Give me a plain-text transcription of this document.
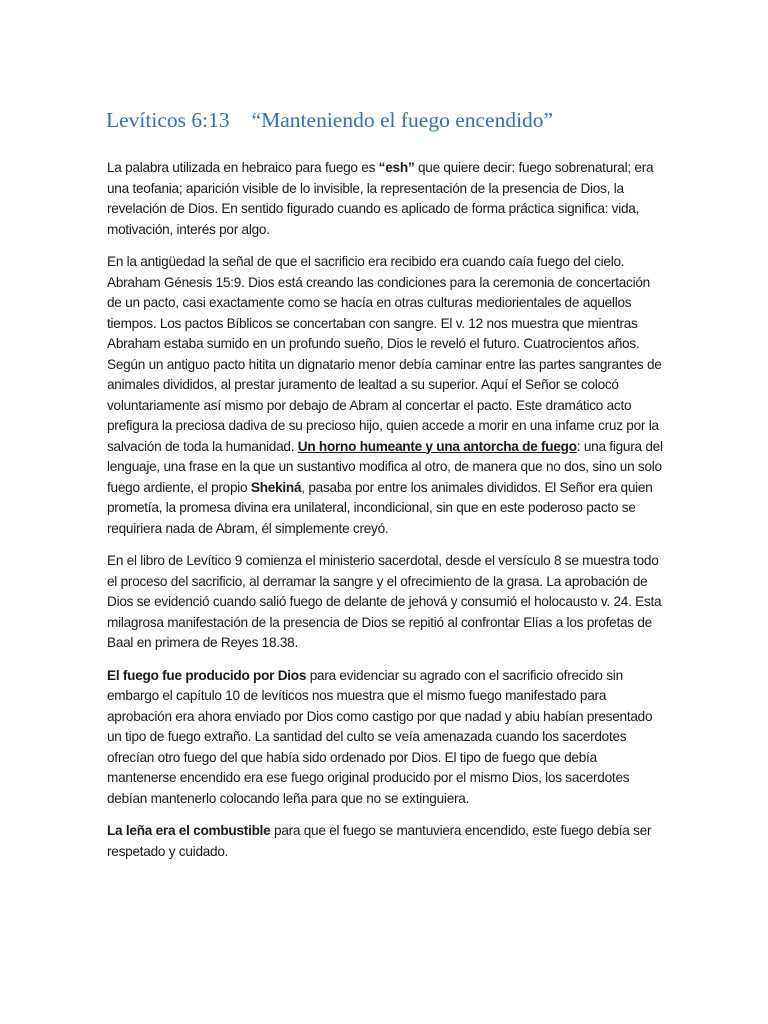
Levíticos 6:13 “Manteniendo el fuego encendido”

La palabra utilizada en hebraico para fuego es “esh” que quiere decir: fuego sobrenatural; era una teofania; aparición visible de lo invisible, la representación de la presencia de Dios, la revelación de Dios. En sentido figurado cuando es aplicado de forma práctica significa: vida, motivación, interés por algo.

En la antigüedad la señal de que el sacrificio era recibido era cuando caía fuego del cielo. Abraham Génesis 15:9. Dios está creando las condiciones para la ceremonia de concertación de un pacto, casi exactamente como se hacía en otras culturas mediorientales de aquellos tiempos. Los pactos Bíblicos se concertaban con sangre. El v. 12 nos muestra que mientras Abraham estaba sumido en un profundo sueño, Dios le reveló el futuro. Cuatrocientos años. Según un antiguo pacto hitita un dignatario menor debía caminar entre las partes sangrantes de animales divididos, al prestar juramento de lealtad a su superior. Aquí el Señor se colocó voluntariamente así mismo por debajo de Abram al concertar el pacto. Este dramático acto prefigura la preciosa dadiva de su precioso hijo, quien accede a morir en una infame cruz por la salvación de toda la humanidad. Un horno humeante y una antorcha de fuego: una figura del lenguaje, una frase en la que un sustantivo modifica al otro, de manera que no dos, sino un solo fuego ardiente, el propio Shekiná, pasaba por entre los animales divididos. El Señor era quien prometía, la promesa divina era unilateral, incondicional, sin que en este poderoso pacto se requiriera nada de Abram, él simplemente creyó.

En el libro de Levítico 9 comienza el ministerio sacerdotal, desde el versículo 8 se muestra todo el proceso del sacrificio, al derramar la sangre y el ofrecimiento de la grasa. La aprobación de Dios se evidenció cuando salió fuego de delante de jehová y consumió el holocausto v. 24. Esta milagrosa manifestación de la presencia de Dios se repitió al confrontar Elías a los profetas de Baal en primera de Reyes 18.38.

El fuego fue producido por Dios para evidenciar su agrado con el sacrificio ofrecido sin embargo el capítulo 10 de levíticos nos muestra que el mismo fuego manifestado para aprobación era ahora enviado por Dios como castigo por que nadad y abiu habían presentado un tipo de fuego extraño. La santidad del culto se veía amenazada cuando los sacerdotes ofrecían otro fuego del que había sido ordenado por Dios. El tipo de fuego que debía mantenerse encendido era ese fuego original producido por el mismo Dios, los sacerdotes debían mantenerlo colocando leña para que no se extinguiera.

La leña era el combustible para que el fuego se mantuviera encendido, este fuego debía ser respetado y cuidado.
